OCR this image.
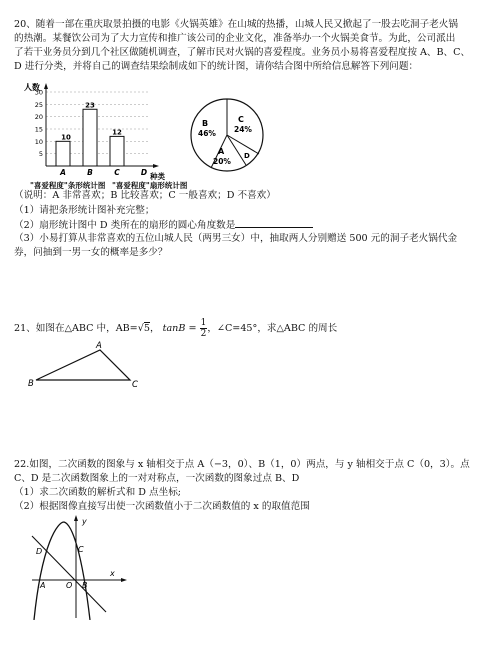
20、随着一部在重庆取景拍摄的电影《火锅英雄》在山城的热播，山城人民又掀起了一股去吃洞子老火锅
的热潮。某餐饮公司为了大力宣传和推广该公司的企业文化，准备举办一个火锅美食节。为此，公司派出
了若干业务员分到几个社区做随机调查，了解市民对火锅的喜爱程度。业务员小易将喜爱程度按 A、B、C、
D 进行分类，并将自己的调查结果绘制成如下的统计图，请你结合图中所给信息解答下列问题：
人数
种类
30
25
20
15
10
5
10
23
12
A	B	C	D
B
46%
C
24%
A
20%
D
"喜爱程度"条形统计图 "喜爱程度"扇形统计图
（说明：A 非常喜欢；B 比较喜欢；C 一般喜欢；D 不喜欢）
（1）请把条形统计图补充完整；
（2）扇形统计图中 D 类所在的扇形的圆心角度数是
（3）小易打算从非常喜欢的五位山城人民（两男三女）中，抽取两人分别赠送 500 元的洞子老火锅代金
券，问抽到一男一女的概率是多少？
21、如图在△ABC 中，AB=√5， $\tan B = \frac{1}{2}$ ，∠C=45°，求△ABC 的周长
A
B	C
22.如图，二次函数的图象与 x 轴相交于点 A（−3，0）、B（1，0）两点，与 y 轴相交于点 C（0，3）。点
C、D 是二次函数图象上的一对对称点，一次函数的图象过点 B、D
（1）求二次函数的解析式和 D 点坐标;
（2）根据图像直接写出使一次函数值小于二次函数值的 x 的取值范围
y
x
C
D
A	O B
